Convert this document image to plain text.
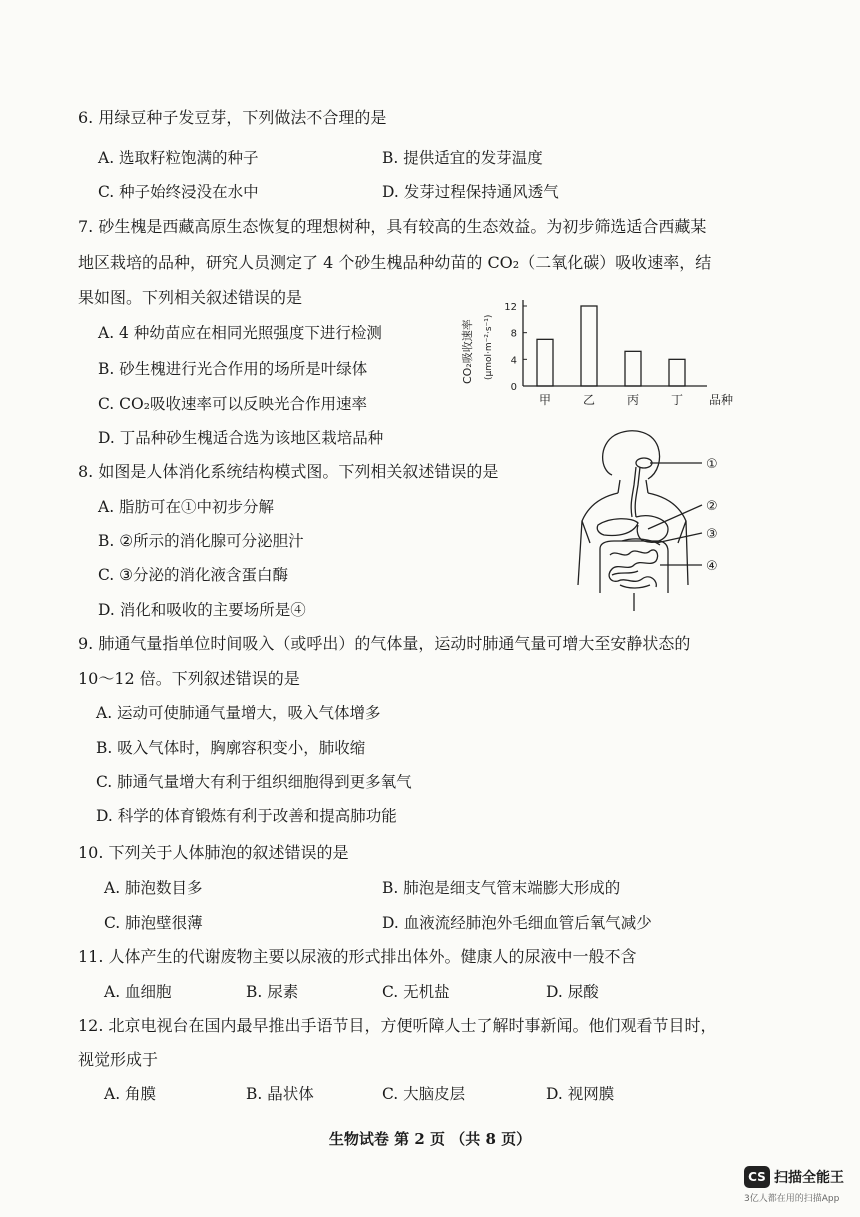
6. 用绿豆种子发豆芽，下列做法不合理的是
A. 选取籽粒饱满的种子	B. 提供适宜的发芽温度
C. 种子始终浸没在水中	D. 发芽过程保持通风透气
7. 砂生槐是西藏高原生态恢复的理想树种，具有较高的生态效益。为初步筛选适合西藏某
地区栽培的品种，研究人员测定了 4 个砂生槐品种幼苗的 CO₂（二氧化碳）吸收速率，结
果如图。下列相关叙述错误的是
A. 4 种幼苗应在相同光照强度下进行检测
B. 砂生槐进行光合作用的场所是叶绿体
C. CO₂吸收速率可以反映光合作用速率
D. 丁品种砂生槐适合选为该地区栽培品种
0
4
8
12
CO₂吸收速率 (μmol·m⁻²·s⁻¹)
甲	乙	丙	丁 品种
8. 如图是人体消化系统结构模式图。下列相关叙述错误的是
A. 脂肪可在①中初步分解
B. ②所示的消化腺可分泌胆汁
C. ③分泌的消化液含蛋白酶
D. 消化和吸收的主要场所是④
①
②
③
④
9. 肺通气量指单位时间吸入（或呼出）的气体量，运动时肺通气量可增大至安静状态的
10～12 倍。下列叙述错误的是
A. 运动可使肺通气量增大，吸入气体增多
B. 吸入气体时，胸廓容积变小，肺收缩
C. 肺通气量增大有利于组织细胞得到更多氧气
D. 科学的体育锻炼有利于改善和提高肺功能
10. 下列关于人体肺泡的叙述错误的是
A. 肺泡数目多	B. 肺泡是细支气管末端膨大形成的
C. 肺泡壁很薄	D. 血液流经肺泡外毛细血管后氧气减少
11. 人体产生的代谢废物主要以尿液的形式排出体外。健康人的尿液中一般不含
A. 血细胞	B. 尿素	C. 无机盐	D. 尿酸
12. 北京电视台在国内最早推出手语节目，方便听障人士了解时事新闻。他们观看节目时，
视觉形成于
A. 角膜	B. 晶状体	C. 大脑皮层	D. 视网膜
生物试卷 第 2 页 （共 8 页）
CS 扫描全能王
3亿人都在用的扫描App
